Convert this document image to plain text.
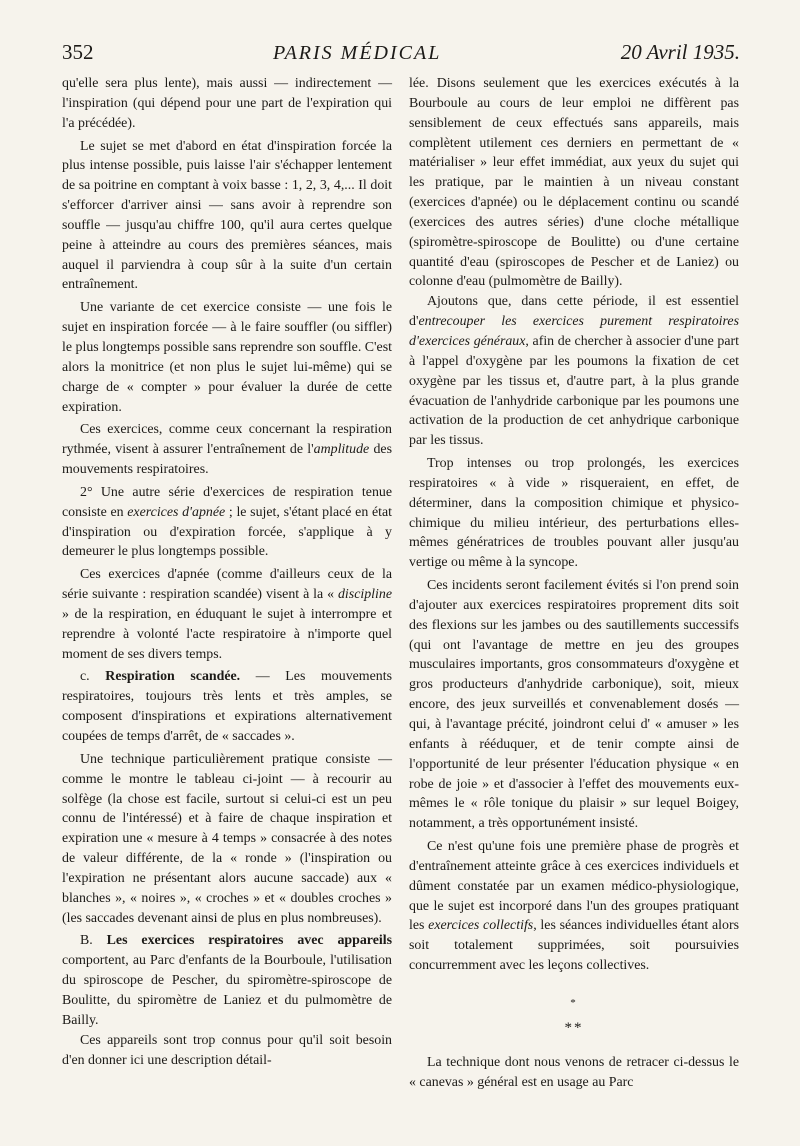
352	PARIS MÉDICAL	20 Avril 1935.

qu'elle sera plus lente), mais aussi — indirectement — l'inspiration (qui dépend pour une part de l'expiration qui l'a précédée).

Le sujet se met d'abord en état d'inspiration forcée la plus intense possible, puis laisse l'air s'échapper lentement de sa poitrine en comptant à voix basse : 1, 2, 3, 4,... Il doit s'efforcer d'arriver ainsi — sans avoir à reprendre son souffle — jusqu'au chiffre 100, qu'il aura certes quelque peine à atteindre au cours des premières séances, mais auquel il parviendra à coup sûr à la suite d'un certain entraînement.

Une variante de cet exercice consiste — une fois le sujet en inspiration forcée — à le faire souffler (ou siffler) le plus longtemps possible sans reprendre son souffle. C'est alors la monitrice (et non plus le sujet lui-même) qui se charge de « compter » pour évaluer la durée de cette expiration.

Ces exercices, comme ceux concernant la respiration rythmée, visent à assurer l'entraînement de l'amplitude des mouvements respiratoires.

2° Une autre série d'exercices de respiration tenue consiste en exercices d'apnée ; le sujet, s'étant placé en état d'inspiration ou d'expiration forcée, s'applique à y demeurer le plus longtemps possible.

Ces exercices d'apnée (comme d'ailleurs ceux de la série suivante : respiration scandée) visent à la « discipline » de la respiration, en éduquant le sujet à interrompre et reprendre à volonté l'acte respiratoire à n'importe quel moment de ses divers temps.

c. Respiration scandée. — Les mouvements respiratoires, toujours très lents et très amples, se composent d'inspirations et expirations alternativement coupées de temps d'arrêt, de « saccades ».

Une technique particulièrement pratique consiste — comme le montre le tableau ci-joint — à recourir au solfège (la chose est facile, surtout si celui-ci est un peu connu de l'intéressé) et à faire de chaque inspiration et expiration une « mesure à 4 temps » consacrée à des notes de valeur différente, de la « ronde » (l'inspiration ou l'expiration ne présentant alors aucune saccade) aux « blanches », « noires », « croches » et « doubles croches » (les saccades devenant ainsi de plus en plus nombreuses).

B. Les exercices respiratoires avec appareils comportent, au Parc d'enfants de la Bourboule, l'utilisation du spiroscope de Pescher, du spiromètre-spiroscope de Boulitte, du spiromètre de Laniez et du pulmomètre de Bailly.

Ces appareils sont trop connus pour qu'il soit besoin d'en donner ici une description détail-

lée. Disons seulement que les exercices exécutés à la Bourboule au cours de leur emploi ne diffèrent pas sensiblement de ceux effectués sans appareils, mais complètent utilement ces derniers en permettant de « matérialiser » leur effet immédiat, aux yeux du sujet qui les pratique, par le maintien à un niveau constant (exercices d'apnée) ou le déplacement continu ou scandé (exercices des autres séries) d'une cloche métallique (spiromètre-spiroscope de Boulitte) ou d'une certaine quantité d'eau (spiroscopes de Pescher et de Laniez) ou colonne d'eau (pulmomètre de Bailly).

Ajoutons que, dans cette période, il est essentiel d'entrecouper les exercices purement respiratoires d'exercices généraux, afin de chercher à associer d'une part à l'appel d'oxygène par les poumons la fixation de cet oxygène par les tissus et, d'autre part, à la plus grande évacuation de l'anhydride carbonique par les poumons une activation de la production de cet anhydrique carbonique par les tissus.

Trop intenses ou trop prolongés, les exercices respiratoires « à vide » risqueraient, en effet, de déterminer, dans la composition chimique et physico-chimique du milieu intérieur, des perturbations elles-mêmes génératrices de troubles pouvant aller jusqu'au vertige ou même à la syncope.

Ces incidents seront facilement évités si l'on prend soin d'ajouter aux exercices respiratoires proprement dits soit des flexions sur les jambes ou des sautillements successifs (qui ont l'avantage de mettre en jeu des groupes musculaires importants, gros consommateurs d'oxygène et gros producteurs d'anhydride carbonique), soit, mieux encore, des jeux surveillés et convenablement dosés — qui, à l'avantage précité, joindront celui d' « amuser » les enfants à rééduquer, et de tenir compte ainsi de l'opportunité de leur présenter l'éducation physique « en robe de joie » et d'associer à l'effet des mouvements eux-mêmes le « rôle tonique du plaisir » sur lequel Boigey, notamment, a très opportunément insisté.

Ce n'est qu'une fois une première phase de progrès et d'entraînement atteinte grâce à ces exercices individuels et dûment constatée par un examen médico-physiologique, que le sujet est incorporé dans l'un des groupes pratiquant les exercices collectifs, les séances individuelles étant alors soit totalement supprimées, soit poursuivies concurremment avec les leçons collectives.

*
**

La technique dont nous venons de retracer ci-dessus le « canevas » général est en usage au Parc
